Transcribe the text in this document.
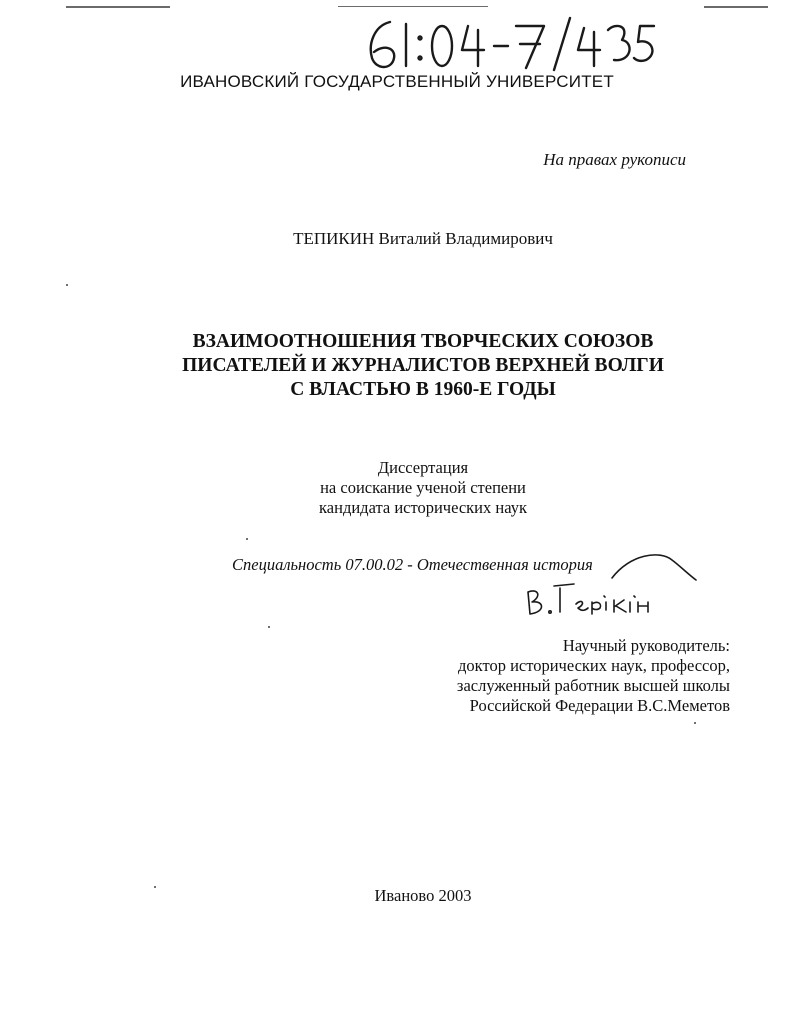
61:04-7/435
ИВАНОВСКИЙ ГОСУДАРСТВЕННЫЙ УНИВЕРСИТЕТ
На правах рукописи
ТЕПИКИН Виталий Владимирович
ВЗАИМООТНОШЕНИЯ ТВОРЧЕСКИХ СОЮЗОВ
ПИСАТЕЛЕЙ И ЖУРНАЛИСТОВ ВЕРХНЕЙ ВОЛГИ
С ВЛАСТЬЮ В 1960-Е ГОДЫ
Диссертация
на соискание ученой степени
кандидата исторических наук
Специальность 07.00.02 - Отечественная история
В. Тепикин
Научный руководитель:
доктор исторических наук, профессор,
заслуженный работник высшей школы
Российской Федерации В.С.Меметов
Иваново 2003
